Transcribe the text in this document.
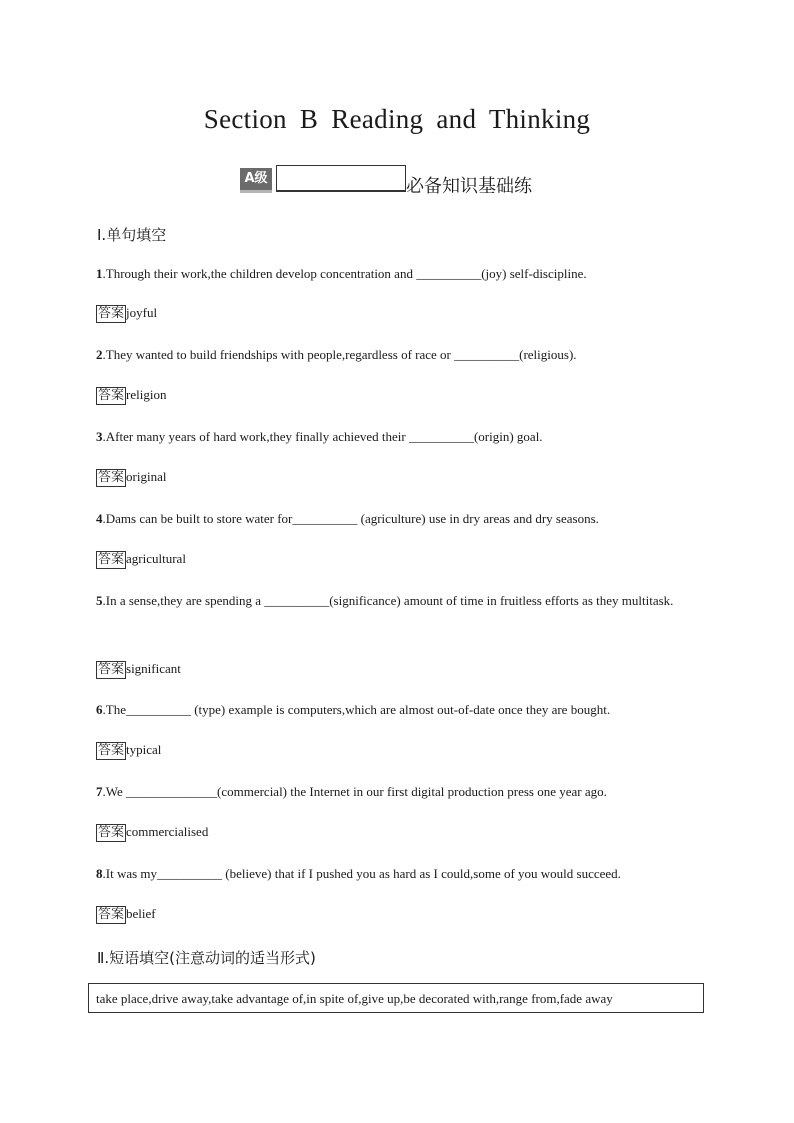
Section B Reading and Thinking
A级	必备知识基础练
Ⅰ.单句填空
1.Through their work,the children develop concentration and __________(joy) self-discipline.
答案 joyful
2.They wanted to build friendships with people,regardless of race or __________(religious).
答案 religion
3.After many years of hard work,they finally achieved their __________(origin) goal.
答案 original
4.Dams can be built to store water for__________ (agriculture) use in dry areas and dry seasons.
答案 agricultural
5.In a sense,they are spending a __________(significance) amount of time in fruitless efforts as they multitask.
答案 significant
6.The__________ (type) example is computers,which are almost out-of-date once they are bought.
答案 typical
7.We ______________(commercial) the Internet in our first digital production press one year ago.
答案 commercialised
8.It was my__________ (believe) that if I pushed you as hard as I could,some of you would succeed.
答案 belief
Ⅱ.短语填空(注意动词的适当形式)
take place,drive away,take advantage of,in spite of,give up,be decorated with,range from,fade away
